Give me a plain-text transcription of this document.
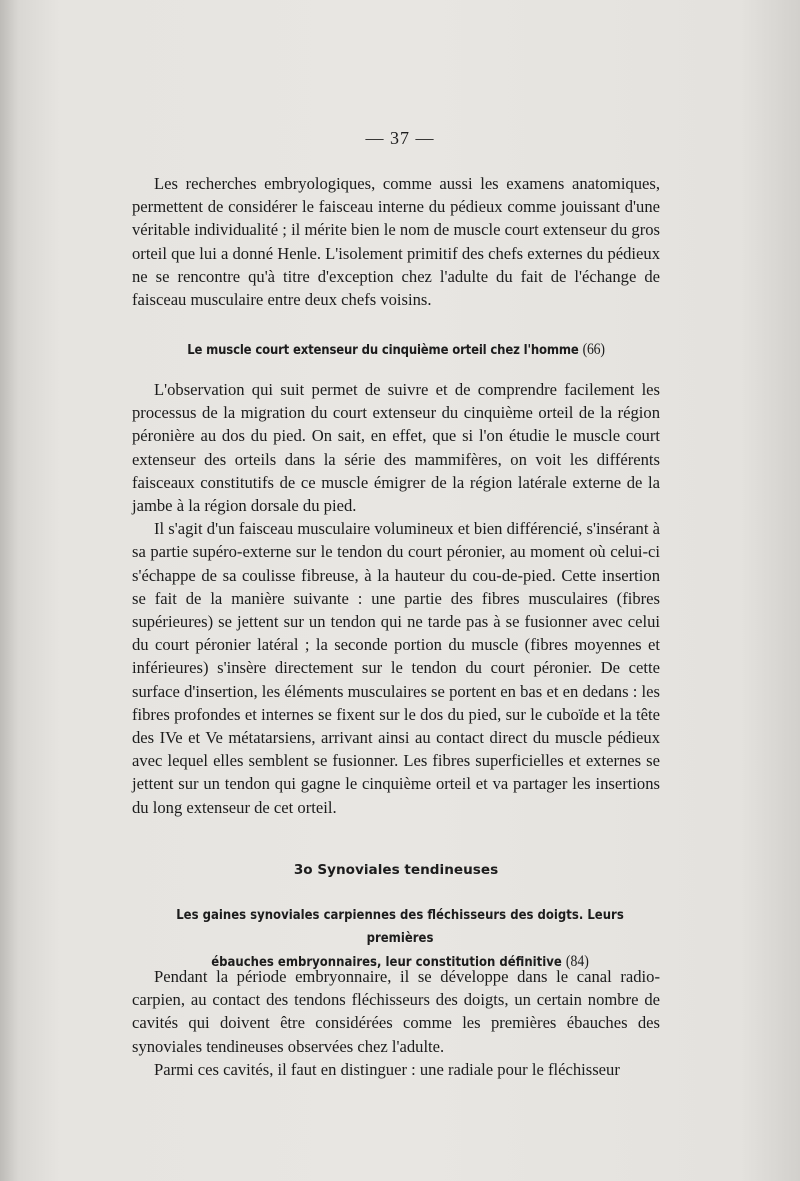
— 37 —

Les recherches embryologiques, comme aussi les examens anatomiques, permettent de considérer le faisceau interne du pédieux comme jouissant d'une véritable individualité ; il mérite bien le nom de muscle court extenseur du gros orteil que lui a donné Henle. L'isolement primitif des chefs externes du pédieux ne se rencontre qu'à titre d'exception chez l'adulte du fait de l'échange de faisceau musculaire entre deux chefs voisins.

Le muscle court extenseur du cinquième orteil chez l'homme (66)

L'observation qui suit permet de suivre et de comprendre facilement les processus de la migration du court extenseur du cinquième orteil de la région péronière au dos du pied. On sait, en effet, que si l'on étudie le muscle court extenseur des orteils dans la série des mammifères, on voit les différents faisceaux constitutifs de ce muscle émigrer de la région latérale externe de la jambe à la région dorsale du pied.

Il s'agit d'un faisceau musculaire volumineux et bien différencié, s'insérant à sa partie supéro-externe sur le tendon du court péronier, au moment où celui-ci s'échappe de sa coulisse fibreuse, à la hauteur du cou-de-pied. Cette insertion se fait de la manière suivante : une partie des fibres musculaires (fibres supérieures) se jettent sur un tendon qui ne tarde pas à se fusionner avec celui du court péronier latéral ; la seconde portion du muscle (fibres moyennes et inférieures) s'insère directement sur le tendon du court péronier. De cette surface d'insertion, les éléments musculaires se portent en bas et en dedans : les fibres profondes et internes se fixent sur le dos du pied, sur le cuboïde et la tête des IVe et Ve métatarsiens, arrivant ainsi au contact direct du muscle pédieux avec lequel elles semblent se fusionner. Les fibres superficielles et externes se jettent sur un tendon qui gagne le cinquième orteil et va partager les insertions du long extenseur de cet orteil.

3o Synoviales tendineuses
Les gaines synoviales carpiennes des fléchisseurs des doigts. Leurs premières
ébauches embryonnaires, leur constitution définitive (84)

Pendant la période embryonnaire, il se développe dans le canal radio-carpien, au contact des tendons fléchisseurs des doigts, un certain nombre de cavités qui doivent être considérées comme les premières ébauches des synoviales tendineuses observées chez l'adulte.

Parmi ces cavités, il faut en distinguer : une radiale pour le fléchisseur
